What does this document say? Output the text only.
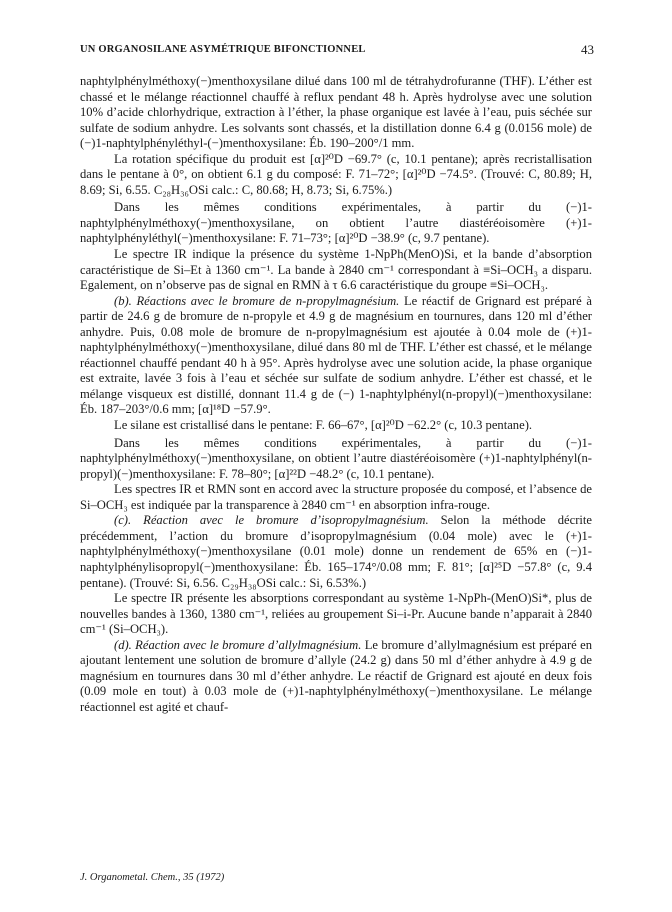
UN ORGANOSILANE ASYMÉTRIQUE BIFONCTIONNEL	43

naphtylphénylméthoxy(−)menthoxysilane dilué dans 100 ml de tétrahydrofuranne (THF). L’éther est chassé et le mélange réactionnel chauffé à reflux pendant 48 h. Après hydrolyse avec une solution 10% d’acide chlorhydrique, extraction à l’éther, la phase organique est lavée à l’eau, puis séchée sur sulfate de sodium anhydre. Les solvants sont chassés, et la distillation donne 6.4 g (0.0156 mole) de (−)1-naphtylphényléthyl-(−)menthoxysilane: Éb. 190–200°/1 mm.

La rotation spécifique du produit est [α]²⁰D −69.7° (c, 10.1 pentane); après recristallisation dans le pentane à 0°, on obtient 6.1 g du composé: F. 71–72°; [α]²⁰D −74.5°. (Trouvé: C, 80.89; H, 8.69; Si, 6.55. C₂₈H₃₆OSi calc.: C, 80.68; H, 8.73; Si, 6.75%.)

Dans les mêmes conditions expérimentales, à partir du (−)1-naphtylphénylméthoxy(−)menthoxysilane, on obtient l’autre diastéréoisomère (+)1-naphtylphényléthyl(−)menthoxysilane: F. 71–73°; [α]²⁰D −38.9° (c, 9.7 pentane).

Le spectre IR indique la présence du système 1-NpPh(MenO)Si, et la bande d’absorption caractéristique de Si–Et à 1360 cm⁻¹. La bande à 2840 cm⁻¹ correspondant à ≡Si–OCH₃ a disparu. Egalement, on n’observe pas de signal en RMN à τ 6.6 caractéristique du groupe ≡Si–OCH₃.

(b). Réactions avec le bromure de n-propylmagnésium. Le réactif de Grignard est préparé à partir de 24.6 g de bromure de n-propyle et 4.9 g de magnésium en tournures, dans 120 ml d’éther anhydre. Puis, 0.08 mole de bromure de n-propylmagnésium est ajoutée à 0.04 mole de (+)1-naphtylphénylméthoxy(−)menthoxysilane, dilué dans 80 ml de THF. L’éther est chassé, et le mélange réactionnel chauffé pendant 40 h à 95°. Après hydrolyse avec une solution acide, la phase organique est extraite, lavée 3 fois à l’eau et séchée sur sulfate de sodium anhydre. L’éther est chassé, et le mélange visqueux est distillé, donnant 11.4 g de (−) 1-naphtylphényl(n-propyl)(−)menthoxysilane: Éb. 187–203°/0.6 mm; [α]¹⁸D −57.9°.

Le silane est cristallisé dans le pentane: F. 66–67°, [α]²⁰D −62.2° (c, 10.3 pentane).

Dans les mêmes conditions expérimentales, à partir du (−)1-naphtylphénylméthoxy(−)menthoxysilane, on obtient l’autre diastéréoisomère (+)1-naphtylphényl(n-propyl)(−)menthoxysilane: F. 78–80°; [α]²²D −48.2° (c, 10.1 pentane).

Les spectres IR et RMN sont en accord avec la structure proposée du composé, et l’absence de Si–OCH₃ est indiquée par la transparence à 2840 cm⁻¹ en absorption infra-rouge.

(c). Réaction avec le bromure d’isopropylmagnésium. Selon la méthode décrite précédemment, l’action du bromure d’isopropylmagnésium (0.04 mole) avec le (+)1-naphtylphénylméthoxy(−)menthoxysilane (0.01 mole) donne un rendement de 65% en (−)1-naphtylphénylisopropyl(−)menthoxysilane: Éb. 165–174°/0.08 mm; F. 81°; [α]²⁵D −57.8° (c, 9.4 pentane). (Trouvé: Si, 6.56. C₂₉H₃₈OSi calc.: Si, 6.53%.)

Le spectre IR présente les absorptions correspondant au système 1-NpPh-(MenO)Si*, plus de nouvelles bandes à 1360, 1380 cm⁻¹, reliées au groupement Si–i-Pr. Aucune bande n’apparait à 2840 cm⁻¹ (Si–OCH₃).

(d). Réaction avec le bromure d’allylmagnésium. Le bromure d’allylmagnésium est préparé en ajoutant lentement une solution de bromure d’allyle (24.2 g) dans 50 ml d’éther anhydre à 4.9 g de magnésium en tournures dans 30 ml d’éther anhydre. Le réactif de Grignard est ajouté en deux fois (0.09 mole en tout) à 0.03 mole de (+)1-naphtylphénylméthoxy(−)menthoxysilane. Le mélange réactionnel est agité et chauf-

J. Organometal. Chem., 35 (1972)
